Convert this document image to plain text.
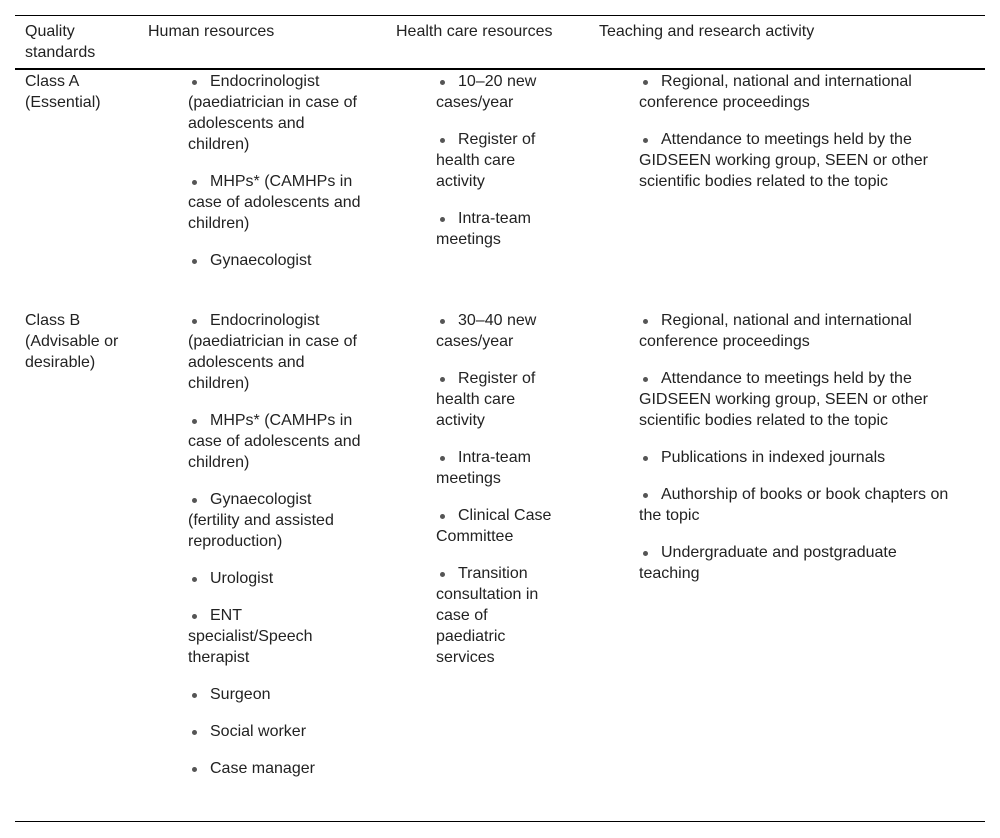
Quality standards
Human resources	Health care resources	Teaching and research activity
Class A (Essential)
Endocrinologist (paediatrician in case of adolescents and children)
MHPs* (CAMHPs in case of adolescents and children)
Gynaecologist
10–20 new cases/year
Register of health care activity
Intra-team meetings
Regional, national and international conference proceedings
Attendance to meetings held by the GIDSEEN working group, SEEN or other scientific bodies related to the topic
Class B (Advisable or desirable)
Endocrinologist (paediatrician in case of adolescents and children)
MHPs* (CAMHPs in case of adolescents and children)
Gynaecologist (fertility and assisted reproduction)
Urologist
ENT specialist/Speech therapist
Surgeon
Social worker
Case manager
30–40 new cases/year
Register of health care activity
Intra-team meetings
Clinical Case Committee
Transition consultation in case of paediatric services
Regional, national and international conference proceedings
Attendance to meetings held by the GIDSEEN working group, SEEN or other scientific bodies related to the topic
Publications in indexed journals
Authorship of books or book chapters on the topic
Undergraduate and postgraduate teaching
